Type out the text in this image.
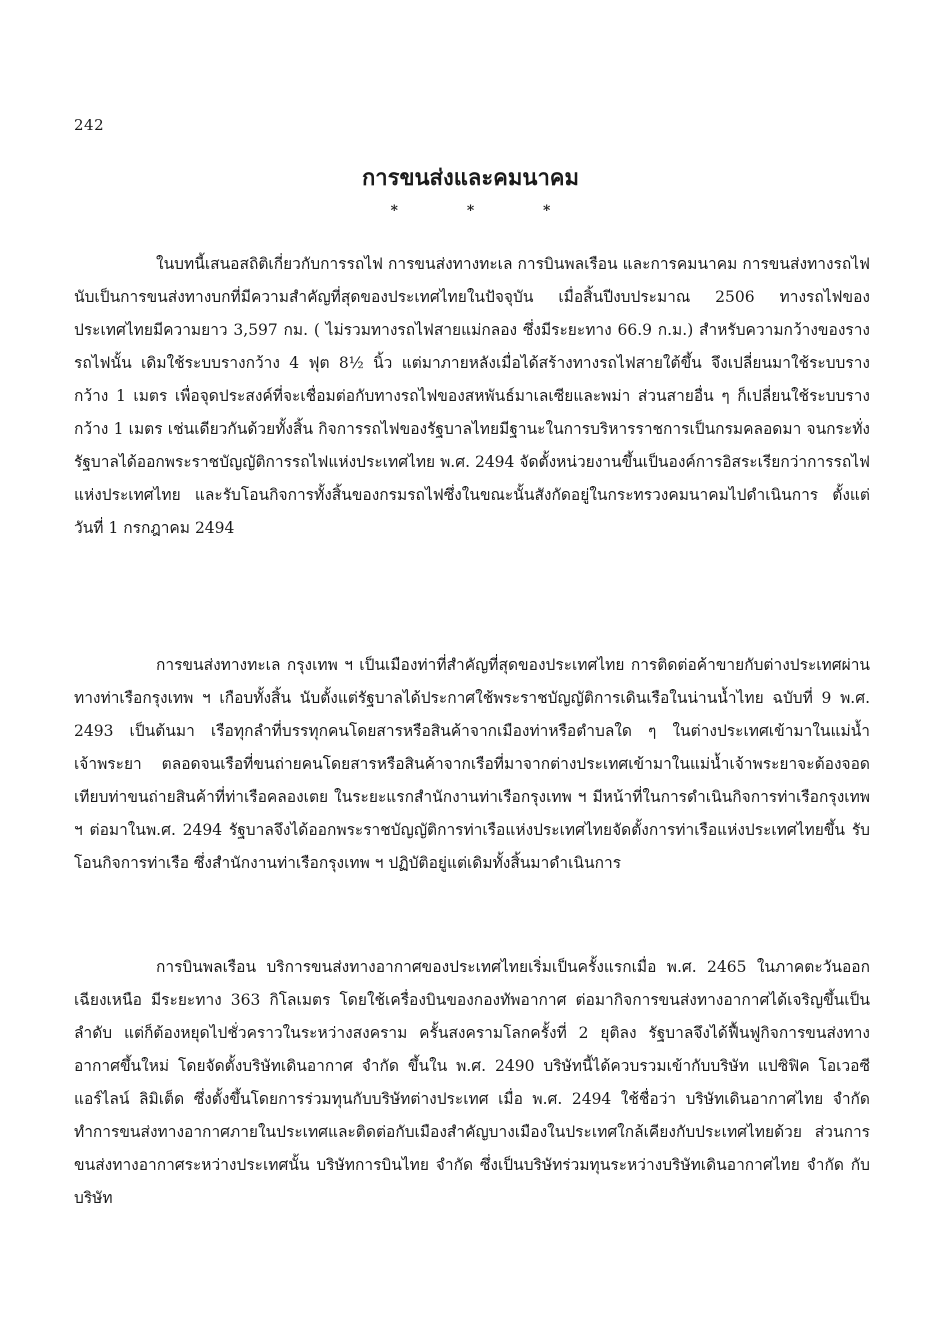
242
การขนส่งและคมนาคม
* * *

ในบทนี้เสนอสถิติเกี่ยวกับการรถไฟ การขนส่งทางทะเล การบินพลเรือน และการคมนาคม การขนส่งทางรถไฟนับเป็นการขนส่งทางบกที่มีความสำคัญที่สุดของประเทศไทยในปัจจุบัน เมื่อสิ้นปีงบประมาณ 2506 ทางรถไฟของประเทศไทยมีความยาว 3,597 กม. ( ไม่รวมทางรถไฟสายแม่กลอง ซึ่งมีระยะทาง 66.9 ก.ม.) สำหรับความกว้างของรางรถไฟนั้น เดิมใช้ระบบรางกว้าง 4 ฟุต 8½ นิ้ว แต่มาภายหลังเมื่อได้สร้างทางรถไฟสายใต้ขึ้น จึงเปลี่ยนมาใช้ระบบรางกว้าง 1 เมตร เพื่อจุดประสงค์ที่จะเชื่อมต่อกับทางรถไฟของสหพันธ์มาเลเซียและพม่า ส่วนสายอื่น ๆ ก็เปลี่ยนใช้ระบบรางกว้าง 1 เมตร เช่นเดียวกันด้วยทั้งสิ้น กิจการรถไฟของรัฐบาลไทยมีฐานะในการบริหารราชการเป็นกรมคลอดมา จนกระทั่งรัฐบาลได้ออกพระราชบัญญัติการรถไฟแห่งประเทศไทย พ.ศ. 2494 จัดตั้งหน่วยงานขึ้นเป็นองค์การอิสระเรียกว่าการรถไฟแห่งประเทศไทย และรับโอนกิจการทั้งสิ้นของกรมรถไฟซึ่งในขณะนั้นสังกัดอยู่ในกระทรวงคมนาคมไปดำเนินการ ตั้งแต่วันที่ 1 กรกฎาคม 2494

การขนส่งทางทะเล กรุงเทพ ฯ เป็นเมืองท่าที่สำคัญที่สุดของประเทศไทย การติดต่อค้าขายกับต่างประเทศผ่านทางท่าเรือกรุงเทพ ฯ เกือบทั้งสิ้น นับตั้งแต่รัฐบาลได้ประกาศใช้พระราชบัญญัติการเดินเรือในน่านน้ำไทย ฉบับที่ 9 พ.ศ. 2493 เป็นต้นมา เรือทุกลำที่บรรทุกคนโดยสารหรือสินค้าจากเมืองท่าหรือตำบลใด ๆ ในต่างประเทศเข้ามาในแม่น้ำเจ้าพระยา ตลอดจนเรือที่ขนถ่ายคนโดยสารหรือสินค้าจากเรือที่มาจากต่างประเทศเข้ามาในแม่น้ำเจ้าพระยาจะต้องจอดเทียบท่าขนถ่ายสินค้าที่ท่าเรือคลองเตย ในระยะแรกสำนักงานท่าเรือกรุงเทพ ฯ มีหน้าที่ในการดำเนินกิจการท่าเรือกรุงเทพ ฯ ต่อมาในพ.ศ. 2494 รัฐบาลจึงได้ออกพระราชบัญญัติการท่าเรือแห่งประเทศไทยจัดตั้งการท่าเรือแห่งประเทศไทยขึ้น รับโอนกิจการท่าเรือ ซึ่งสำนักงานท่าเรือกรุงเทพ ฯ ปฏิบัติอยู่แต่เดิมทั้งสิ้นมาดำเนินการ

การบินพลเรือน บริการขนส่งทางอากาศของประเทศไทยเริ่มเป็นครั้งแรกเมื่อ พ.ศ. 2465 ในภาคตะวันออกเฉียงเหนือ มีระยะทาง 363 กิโลเมตร โดยใช้เครื่องบินของกองทัพอากาศ ต่อมากิจการขนส่งทางอากาศได้เจริญขึ้นเป็นลำดับ แต่ก็ต้องหยุดไปชั่วคราวในระหว่างสงคราม ครั้นสงครามโลกครั้งที่ 2 ยุติลง รัฐบาลจึงได้ฟื้นฟูกิจการขนส่งทางอากาศขึ้นใหม่ โดยจัดตั้งบริษัทเดินอากาศ จำกัด ขึ้นใน พ.ศ. 2490 บริษัทนี้ได้ควบรวมเข้ากับบริษัท แปซิฟิค โอเวอซี แอร์ไลน์ ลิมิเต็ด ซึ่งตั้งขึ้นโดยการร่วมทุนกับบริษัทต่างประเทศ เมื่อ พ.ศ. 2494 ใช้ชื่อว่า บริษัทเดินอากาศไทย จำกัด ทำการขนส่งทางอากาศภายในประเทศและติดต่อกับเมืองสำคัญบางเมืองในประเทศใกล้เคียงกับประเทศไทยด้วย ส่วนการขนส่งทางอากาศระหว่างประเทศนั้น บริษัทการบินไทย จำกัด ซึ่งเป็นบริษัทร่วมทุนระหว่างบริษัทเดินอากาศไทย จำกัด กับบริษัท
